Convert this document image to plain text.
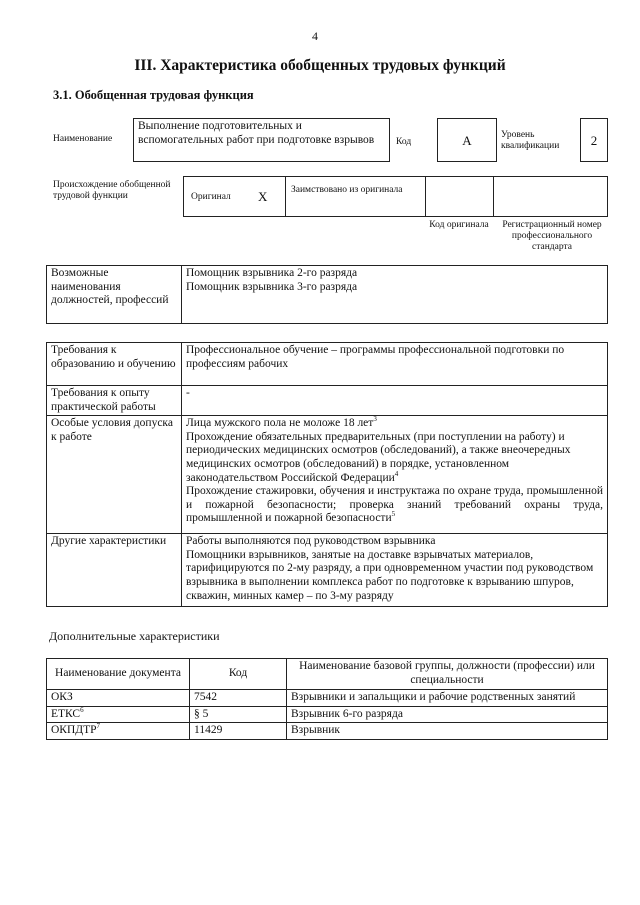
4
III. Характеристика обобщенных трудовых функций
3.1. Обобщенная трудовая функция
Наименование
Выполнение подготовительных и вспомогательных работ при подготовке взрывов	Код	A	Уровень квалификации	2
Происхождение обобщенной трудовой функции	Оригинал X Заимствовано из оригинала
Код оригинала	Регистрационный номер профессионального стандарта
Возможные наименования должностей, профессий	
Помощник взрывника 2-го разряда
Помощник взрывника 3-го разряда
Требования к образованию и обучению	Профессиональное обучение – программы профессиональной подготовки по профессиям рабочих
Требования к опыту практической работы	-
Особые условия допуска к работе	Лица мужского пола не моложе 18 лет$^3$
Прохождение обязательных предварительных (при поступлении на работу) и периодических медицинских осмотров (обследований), а также внеочередных медицинских осмотров (обследований) в порядке, установленном законодательством Российской Федерации$^4$
Прохождение стажировки, обучения и инструктажа по охране труда, промышленной и пожарной безопасности; проверка знаний требований охраны труда, промышленной и пожарной безопасности$^5$

Другие характеристики	Работы выполняются под руководством взрывника
Помощники взрывников, занятые на доставке взрывчатых материалов, тарифицируются по 2-му разряду, а при одновременном участии под руководством взрывника в выполнении комплекса работ по подготовке к взрыванию шпуров, скважин, минных камер – по 3-му разряду
Дополнительные характеристики
Наименование документа	Код	Наименование базовой группы, должности (профессии) или специальности
ОКЗ	7542	Взрывники и запальщики и рабочие родственных занятий
ЕТКС$^6$	§ 5	Взрывник 6-го разряда
ОКПДТР$^7$	11429	Взрывник
